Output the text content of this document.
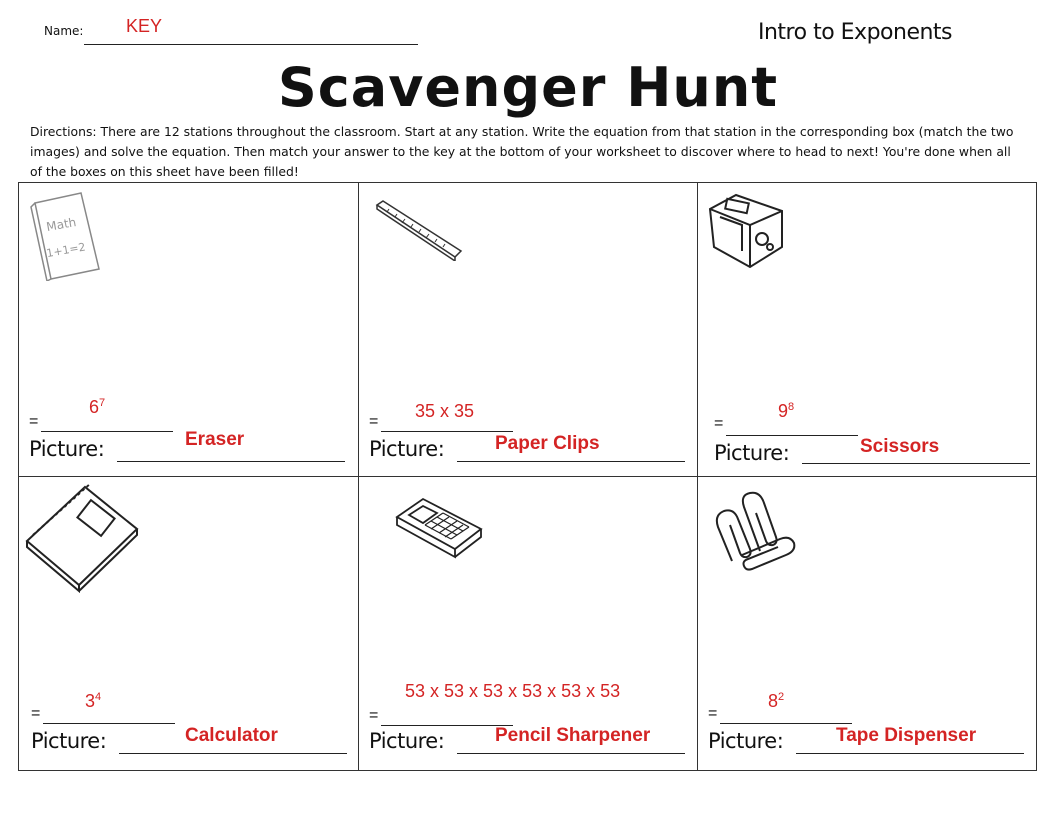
Name: KEY	Intro to Exponents
Scavenger Hunt
Directions: There are 12 stations throughout the classroom. Start at any station. Write the equation from that station in the corresponding box (match the two images) and solve the equation. Then match your answer to the key at the bottom of your worksheet to discover where to head to next! You're done when all of the boxes on this sheet have been filled!
Math
1+1=2
=
$6^7$
Picture:	Eraser
=
35 x 35
Picture:	Paper Clips
=
$9^8$
Picture:	Scissors
=
$3^4$
Picture:	Calculator
=
53 x 53 x 53 x 53 x 53 x 53
Picture:	Pencil Sharpener
=
$8^2$
Picture:	Tape Dispenser
